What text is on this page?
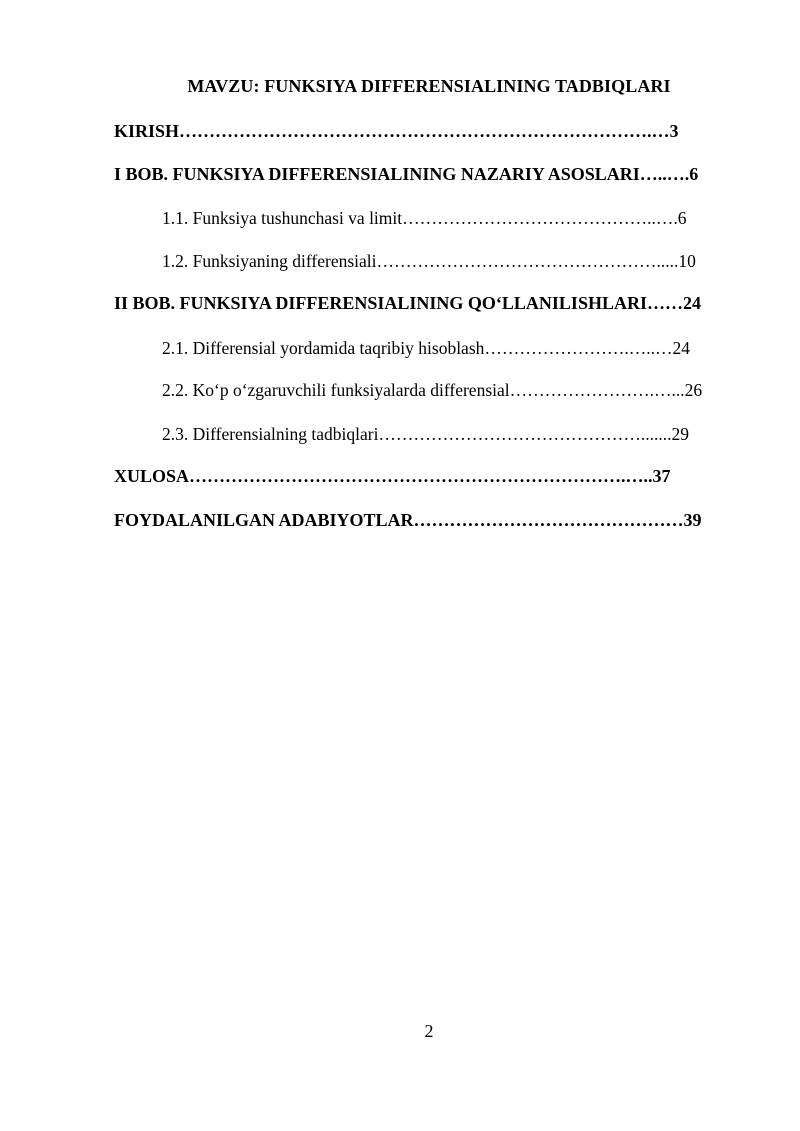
MAVZU: FUNKSIYA DIFFERENSIALINING TADBIQLARI
KIRISH…………………………………………………………………….…3
I BOB. FUNKSIYA DIFFERENSIALINING NAZARIY ASOSLARI…..….6
1.1. Funksiya tushunchasi va limit……………………………………..….6
1.2. Funksiyaning differensiali………………………………………….....10
II BOB. FUNKSIYA DIFFERENSIALINING QO‘LLANILISHLARI……24
2.1. Differensial yordamida taqribiy hisoblash…………………….…..…24
2.2. Ko‘p o‘zgaruvchili funksiyalarda differensial…………………….…...26
2.3. Differensialning tadbiqlari……………………………………….......29
XULOSA……………………………………………………………….…..37
FOYDALANILGAN ADABIYOTLAR………………………………………39
2
